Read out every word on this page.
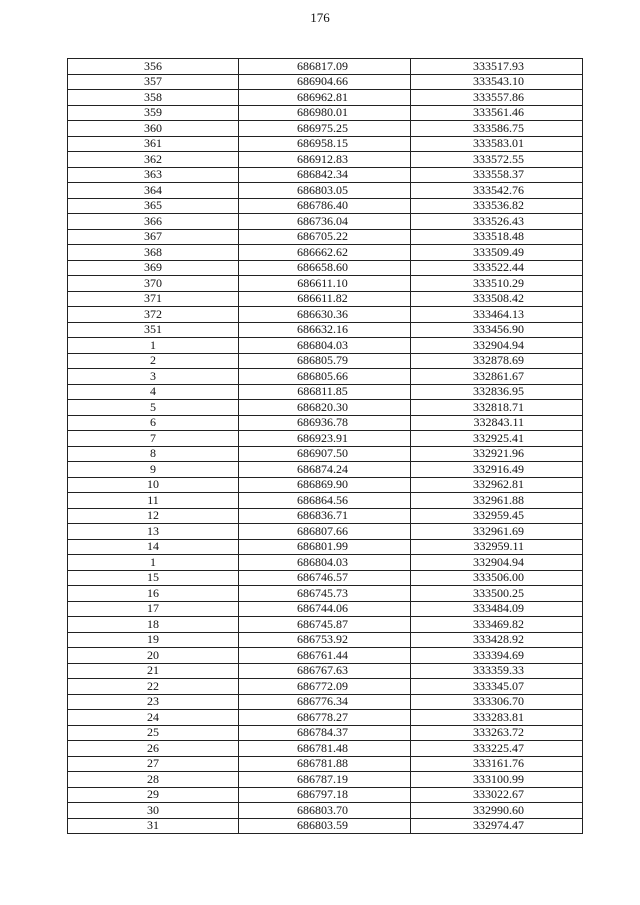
176
356	686817.09	333517.93
357	686904.66	333543.10
358	686962.81	333557.86
359	686980.01	333561.46
360	686975.25	333586.75
361	686958.15	333583.01
362	686912.83	333572.55
363	686842.34	333558.37
364	686803.05	333542.76
365	686786.40	333536.82
366	686736.04	333526.43
367	686705.22	333518.48
368	686662.62	333509.49
369	686658.60	333522.44
370	686611.10	333510.29
371	686611.82	333508.42
372	686630.36	333464.13
351	686632.16	333456.90
1	686804.03	332904.94
2	686805.79	332878.69
3	686805.66	332861.67
4	686811.85	332836.95
5	686820.30	332818.71
6	686936.78	332843.11
7	686923.91	332925.41
8	686907.50	332921.96
9	686874.24	332916.49
10	686869.90	332962.81
11	686864.56	332961.88
12	686836.71	332959.45
13	686807.66	332961.69
14	686801.99	332959.11
1	686804.03	332904.94
15	686746.57	333506.00
16	686745.73	333500.25
17	686744.06	333484.09
18	686745.87	333469.82
19	686753.92	333428.92
20	686761.44	333394.69
21	686767.63	333359.33
22	686772.09	333345.07
23	686776.34	333306.70
24	686778.27	333283.81
25	686784.37	333263.72
26	686781.48	333225.47
27	686781.88	333161.76
28	686787.19	333100.99
29	686797.18	333022.67
30	686803.70	332990.60
31	686803.59	332974.47
